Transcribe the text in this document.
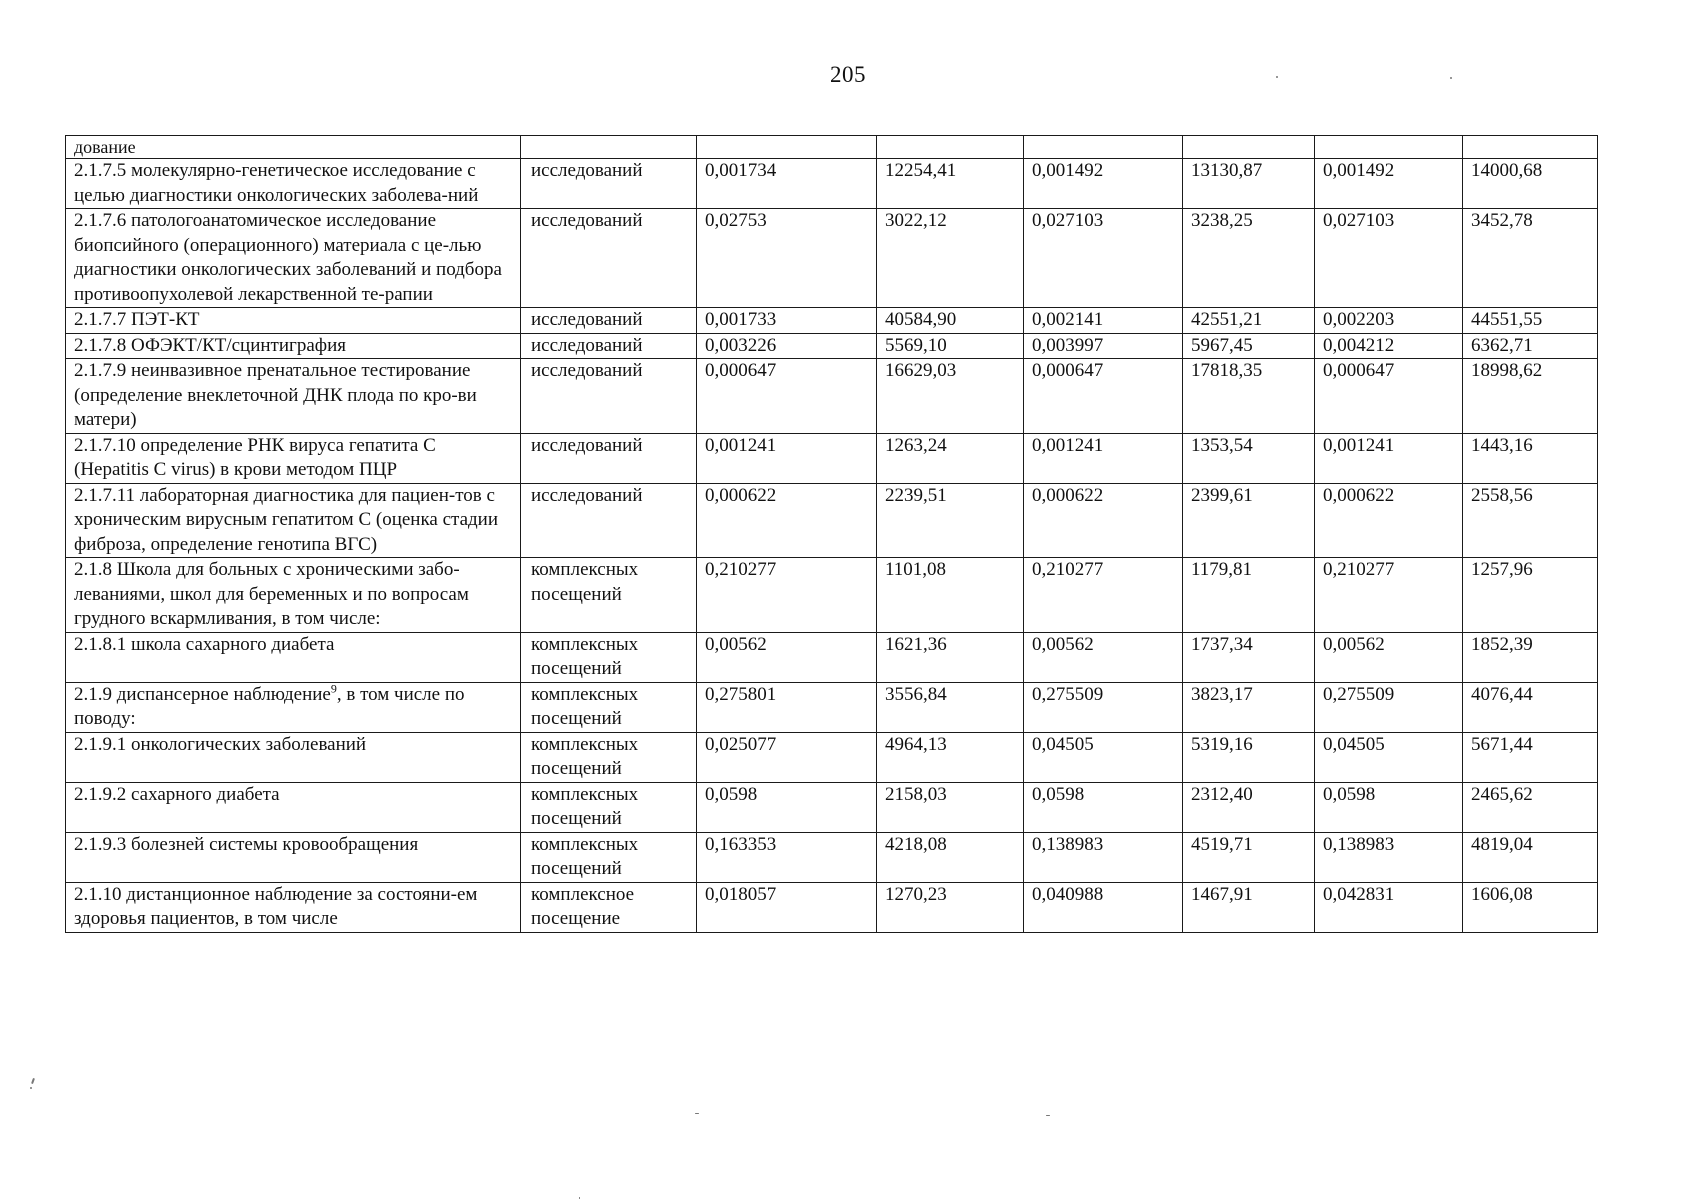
205
дование							
2.1.7.5 молекулярно-генетическое исследование с целью диагностики онкологических заболева-ний	исследований	0,001734	12254,41	0,001492	13130,87	0,001492	14000,68
2.1.7.6 патологоанатомическое исследование биопсийного (операционного) материала с це-лью диагностики онкологических заболеваний и подбора противоопухолевой лекарственной те-рапии	исследований	0,02753	3022,12	0,027103	3238,25	0,027103	3452,78
2.1.7.7 ПЭТ-КТ	исследований	0,001733	40584,90	0,002141	42551,21	0,002203	44551,55
2.1.7.8 ОФЭКТ/КТ/сцинтиграфия	исследований	0,003226	5569,10	0,003997	5967,45	0,004212	6362,71
2.1.7.9 неинвазивное пренатальное тестирование (определение внеклеточной ДНК плода по кро-ви матери)	исследований	0,000647	16629,03	0,000647	17818,35	0,000647	18998,62
2.1.7.10 определение РНК вируса гепатита С (Hepatitis С virus) в крови методом ПЦР	исследований	0,001241	1263,24	0,001241	1353,54	0,001241	1443,16
2.1.7.11 лабораторная диагностика для пациен-тов с хроническим вирусным гепатитом С (оценка стадии фиброза, определение генотипа ВГС)	исследований	0,000622	2239,51	0,000622	2399,61	0,000622	2558,56
2.1.8 Школа для больных с хроническими забо-леваниями, школ для беременных и по вопросам грудного вскармливания, в том числе:	комплексных посещений	0,210277	1101,08	0,210277	1179,81	0,210277	1257,96
2.1.8.1 школа сахарного диабета	комплексных посещений	0,00562	1621,36	0,00562	1737,34	0,00562	1852,39
2.1.9 диспансерное наблюдение$^9$, в том числе по поводу:	комплексных посещений	0,275801	3556,84	0,275509	3823,17	0,275509	4076,44
2.1.9.1 онкологических заболеваний	комплексных посещений	0,025077	4964,13	0,04505	5319,16	0,04505	5671,44
2.1.9.2 сахарного диабета	комплексных посещений	0,0598	2158,03	0,0598	2312,40	0,0598	2465,62
2.1.9.3 болезней системы кровообращения	комплексных посещений	0,163353	4218,08	0,138983	4519,71	0,138983	4819,04
2.1.10 дистанционное наблюдение за состояни-ем здоровья пациентов, в том числе	комплексное посещение	0,018057	1270,23	0,040988	1467,91	0,042831	1606,08
